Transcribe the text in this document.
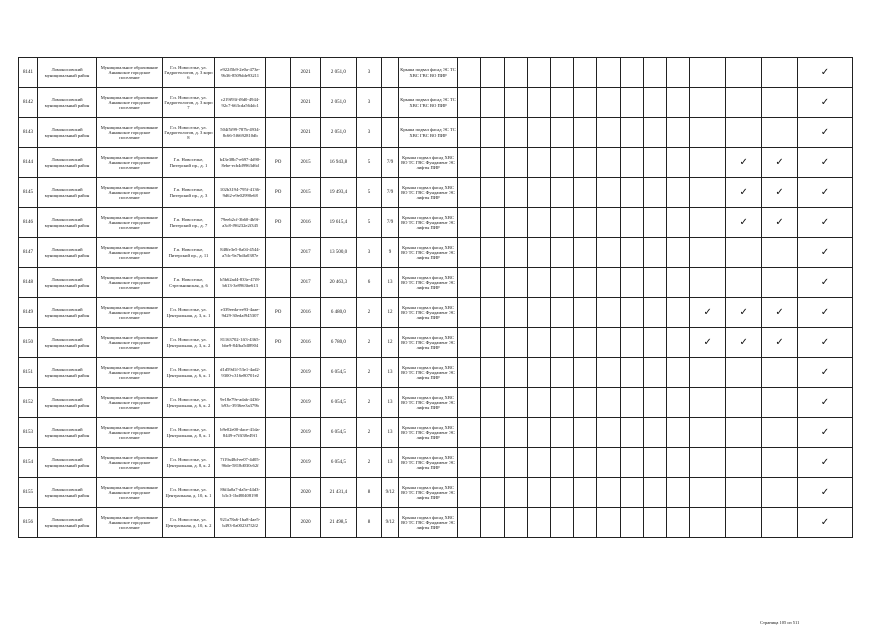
8141	Ломоносовский муниципальный район	Муниципальное образование Аннинское городское поселение	Г.п. Новоселье, ул. Гидрогеологов, д. 3 корп 6	e922f5b9-2e0a-473e-9b36-8509dde93211		2021	2 051,0	3		Крыша подвал фасад ЭС ТС ХВС ГВС ВО ПИР														✓
8142	Ломоносовский муниципальный район	Муниципальное образование Аннинское городское поселение	Г.п. Новоселье, ул. Гидрогеологов, д. 3 корп 7	c219f93f-f8d0-4944-92c7-663cda564dc1		2021	2 051,0	3		Крыша подвал фасад ЭС ТС ХВС ГВС ВО ПИР														✓
8143	Ломоносовский муниципальный район	Муниципальное образование Аннинское городское поселение	Г.п. Новоселье, ул. Гидрогеологов, д. 3 корп 8	504f5f99-787b-4934-8c66-5f6692810db		2021	2 051,0	3		Крыша подвал фасад ЭС ТС ХВС ГВС ВО ПИР														✓
8144	Ломоносовский муниципальный район	Муниципальное образование Аннинское городское поселение	Г.п. Новоселье, Питерский пр., д. 1	b43e38b7-e697-4d90-8ebe-ecb4d9963d6d	РО	2015	16 943,8	5	7/9	Крыша подвал фасад ХВС ВО ТС ГВС Фундамент ЭС лифты ПИР												✓	✓	✓
8145	Ломоносовский муниципальный район	Муниципальное образование Аннинское городское поселение	Г.п. Новоселье, Питерский пр., д. 3	102b3194-795f-4136-9d62-e9e02990e68	РО	2015	19 493,4	5	7/9	Крыша подвал фасад ХВС ВО ТС ГВС Фундамент ЭС лифты ПИР												✓	✓	✓
8146	Ломоносовский муниципальный район	Муниципальное образование Аннинское городское поселение	Г.п. Новоселье, Питерский пр., д. 7	79eeb2cf-3b60-4b9f-a3c8-f96232e2f345	РО	2016	19 615,4	5	7/9	Крыша подвал фасад ХВС ВО ТС ГВС Фундамент ЭС лифты ПИР												✓	✓	✓
8147	Ломоносовский муниципальный район	Муниципальное образование Аннинское городское поселение	Г.п. Новоселье, Питерский пр., д. 11	848fe3e5-0a04-4544-a7dc-9a7bdfa0387e		2017	13 500,0	3	9	Крыша подвал фасад ХВС ВО ТС ГВС Фундамент ЭС лифты ПИР														✓
8148	Ломоносовский муниципальный район	Муниципальное образование Аннинское городское поселение	Г.п. Новоселье, Стрельнинская, д. 6	b5b62ad4-833e-47f8-b613-3e8963be613		2017	20 463,3	6	13	Крыша подвал фасад ХВС ВО ТС ГВС Фундамент ЭС лифты ПИР														✓
8149	Ломоносовский муниципальный район	Муниципальное образование Аннинское городское поселение	Г.п. Новоселье, ул. Центральная, д. 3, к. 1	e339eeda-ee93-4aae-9d29-30edaf945307	РО	2016	6 480,0	2	12	Крыша подвал фасад ХВС ВО ТС ГВС Фундамент ЭС лифты ПИР											✓	✓	✓	✓
8150	Ломоносовский муниципальный район	Муниципальное образование Аннинское городское поселение	Г.п. Новоселье, ул. Центральная, д. 3, к. 2	81163702-1ff3-4365-bbe9-84fba5dl8904	РО	2016	6 780,0	2	12	Крыша подвал фасад ХВС ВО ТС ГВС Фундамент ЭС лифты ПИР											✓	✓	✓	✓
8151	Ломоносовский муниципальный район	Муниципальное образование Аннинское городское поселение	Г.п. Новоселье, ул. Центральная, д. 6, к. 1	d1d59d1f-53e1-4ad2-9300-c316e80701e2		2019	6 054,5	2	13	Крыша подвал фасад ХВС ВО ТС ГВС Фундамент ЭС лифты ПИР														✓
8152	Ломоносовский муниципальный район	Муниципальное образование Аннинское городское поселение	Г.п. Новоселье, ул. Центральная, д. 6, к. 2	9e18e79e-adab-4436-b93c-3936ee3a379b		2019	6 054,5	2	13	Крыша подвал фасад ХВС ВО ТС ГВС Фундамент ЭС лифты ПИР														✓
8153	Ломоносовский муниципальный район	Муниципальное образование Аннинское городское поселение	Г.п. Новоселье, ул. Центральная, д. 8, к. 1	b9e02e00-dace-41da-8449-e7fff38e49f1		2019	6 054,5	2	13	Крыша подвал фасад ХВС ВО ТС ГВС Фундамент ЭС лифты ПИР														✓
8154	Ломоносовский муниципальный район	Муниципальное образование Аннинское городское поселение	Г.п. Новоселье, ул. Центральная, д. 8, к. 2	7f19a48d-ee07-4d05-96de-5818d030c62f		2019	6 054,5	2	13	Крыша подвал фасад ХВС ВО ТС ГВС Фундамент ЭС лифты ПИР														✓
8155	Ломоносовский муниципальный район	Муниципальное образование Аннинское городское поселение	Г.п. Новоселье, ул. Центральная, д. 10, к. 1	86f4a0a7-da5e-44d3-b3c3-1bd80408198		2020	21 431,4	8	9/12	Крыша подвал фасад ХВС ВО ТС ГВС Фундамент ЭС лифты ПИР														✓
8156	Ломоносовский муниципальный район	Муниципальное образование Аннинское городское поселение	Г.п. Новоселье, ул. Центральная, д. 10, к. 2	921a78a6-1ba8-4ae5-b493-0a0023f7f2f2		2020	21 498,5	8	9/12	Крыша подвал фасад ХВС ВО ТС ГВС Фундамент ЭС лифты ПИР														✓
Страница 105 из 511
